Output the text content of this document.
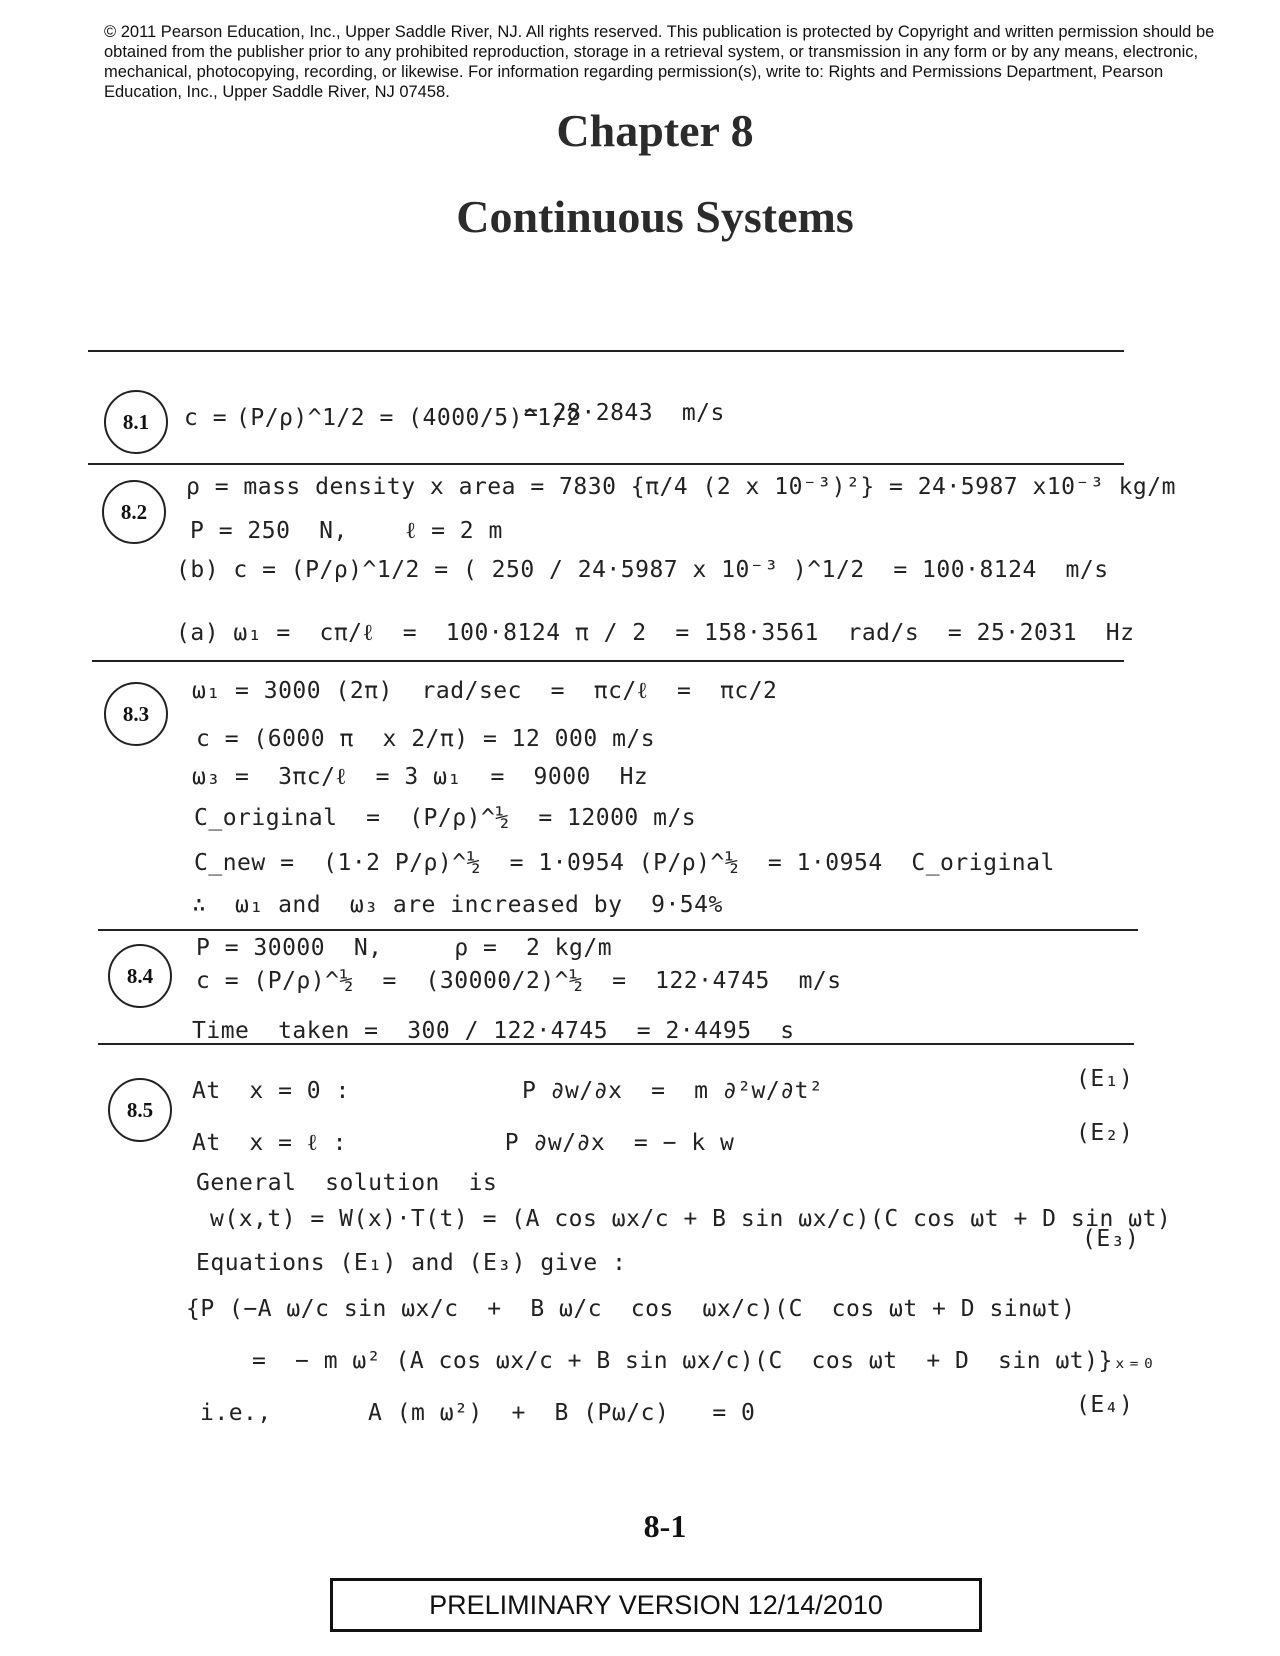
© 2011 Pearson Education, Inc., Upper Saddle River, NJ. All rights reserved. This publication is protected by Copyright and written permission should be obtained from the publisher prior to any prohibited reproduction, storage in a retrieval system, or transmission in any form or by any means, electronic, mechanical, photocopying, recording, or likewise. For information regarding permission(s), write to: Rights and Permissions Department, Pearson Education, Inc., Upper Saddle River, NJ 07458.
Chapter 8
Continuous Systems
8.1	c = (P/ρ)^1/2 = (4000/5)^1/2
= 28·2843  m/s
8.2
ρ = mass density x area = 7830 {π/4 (2 x 10⁻³)²} = 24·5987 x10⁻³ kg/m
P = 250  N,    ℓ = 2 m
(b) c = (P/ρ)^1/2 = ( 250 / 24·5987 x 10⁻³ )^1/2  = 100·8124  m/s
(a) ω₁ =  cπ/ℓ  =  100·8124 π / 2  = 158·3561  rad/s  = 25·2031  Hz
8.3
ω₁ = 3000 (2π)  rad/sec  =  πc/ℓ  =  πc/2
c = (6000 π  x 2/π) = 12 000 m/s
ω₃ =  3πc/ℓ  = 3 ω₁  =  9000  Hz
C_original  =  (P/ρ)^½  = 12000 m/s
C_new =  (1·2 P/ρ)^½  = 1·0954 (P/ρ)^½  = 1·0954  C_original
∴  ω₁ and  ω₃ are increased by  9·54%
8.4
P = 30000  N,     ρ =  2 kg/m
c = (P/ρ)^½  =  (30000/2)^½  =  122·4745  m/s
Time  taken =  300 / 122·4745  = 2·4495  s
8.5
At  x = 0 :            P ∂w/∂x  =  m ∂²w/∂t²	(E₁)
At  x = ℓ :           P ∂w/∂x  = − k w	(E₂)
General  solution  is
w(x,t) = W(x)·T(t) = (A cos ωx/c + B sin ωx/c)(C cos ωt + D sin ωt)
(E₃)
Equations (E₁) and (E₃) give :
{P (−A ω/c sin ωx/c  +  B ω/c  cos  ωx/c)(C  cos ωt + D sinωt)
=  − m ω² (A cos ωx/c + B sin ωx/c)(C  cos ωt  + D  sin ωt)}ₓ₌₀
i.e.,	A (m ω²)  +  B (Pω/c)   = 0	(E₄)
8-1
PRELIMINARY VERSION 12/14/2010
